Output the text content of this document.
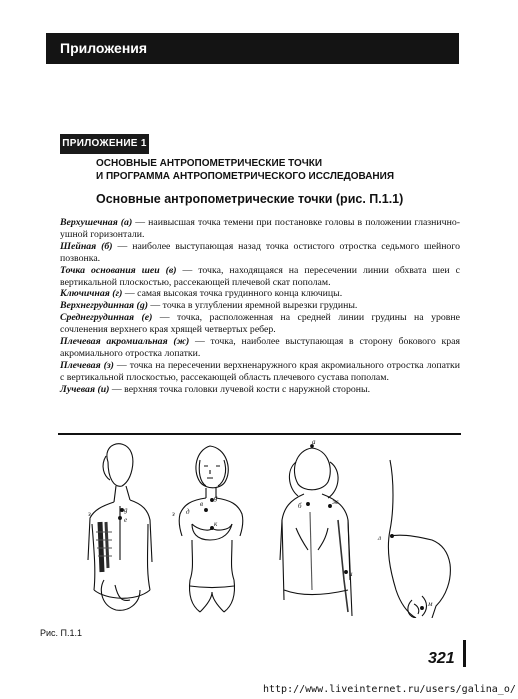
Приложения
ПРИЛОЖЕНИЕ 1
ОСНОВНЫЕ АНТРОПОМЕТРИЧЕСКИЕ ТОЧКИ
И ПРОГРАММА АНТРОПОМЕТРИЧЕСКОГО ИССЛЕДОВАНИЯ
Основные антропометрические точки (рис. П.1.1)

Верхушечная (а) — наивысшая точка темени при постановке головы в положении глазнично-ушной горизонтали.

Шейная (б) — наиболее выступающая назад точка остистого отростка седьмого шейного позвонка.

Точка основания шеи (в) — точка, находящаяся на пересечении линии обхвата шеи с вертикальной плоскостью, рассекающей плечевой скат пополам.

Ключичная (г) — самая высокая точка грудинного конца ключицы.

Верхнегрудинная (g) — точка в углублении яремной вырезки грудины.

Среднегрудинная (е) — точка, расположенная на средней линии грудины на уровне сочленения верхнего края хрящей четвертых ребер.

Плечевая акромиальная (ж) — точка, наиболее выступающая в сторону бокового края акромиального отростка лопатки.

Плечевая (з) — точка на пересечении верхненаружного края акромиального отростка лопатки с вертикальной плоскостью, рассекающей область плечевого сустава пополам.

Лучевая (и) — верхняя точка головки лучевой кости с наружной стороны.

з	g
е
з
g
в
д
к
а
б	ж
и
л
м
Рис. П.1.1
321
http://www.liveinternet.ru/users/galina_o/
